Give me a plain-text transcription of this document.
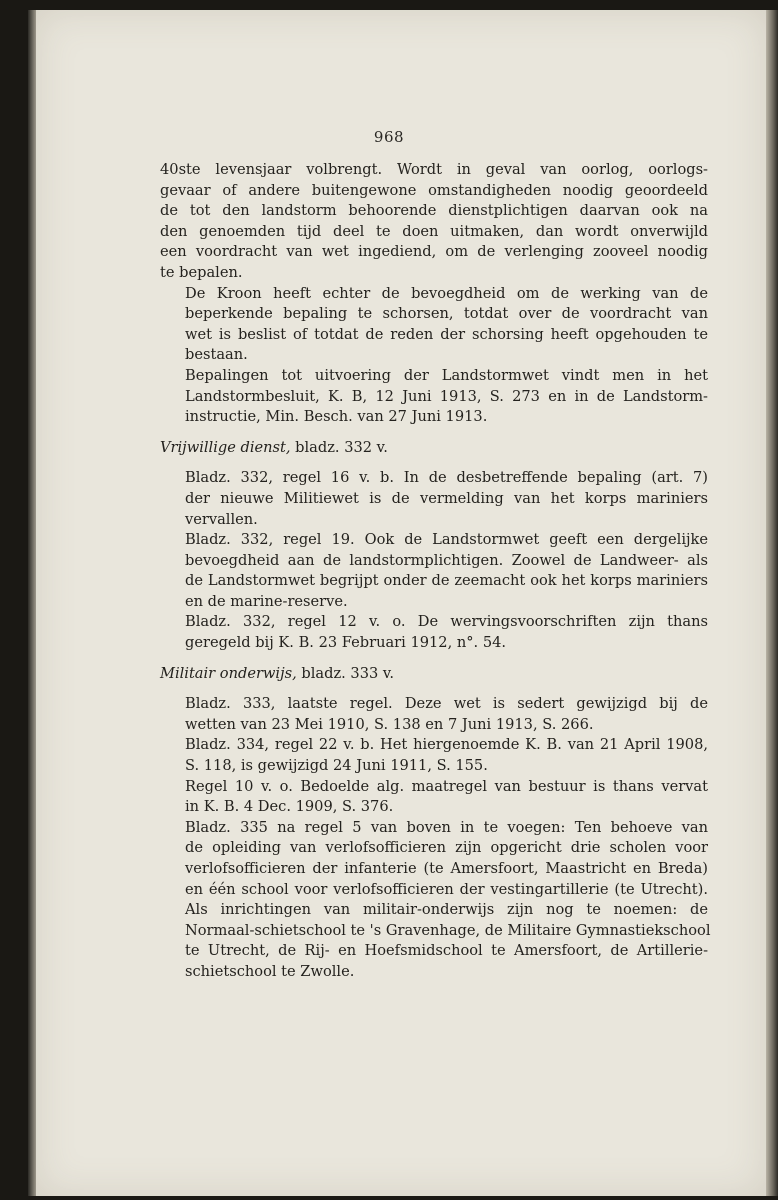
968

40ste levensjaar volbrengt. Wordt in geval van oorlog, oorlogs-
gevaar of andere buitengewone omstandigheden noodig geoordeeld
de tot den landstorm behoorende dienstplichtigen daarvan ook na
den genoemden tijd deel te doen uitmaken, dan wordt onverwijld
een voordracht van wet ingediend, om de verlenging zooveel noodig
te bepalen.

De Kroon heeft echter de bevoegdheid om de werking van de
beperkende bepaling te schorsen, totdat over de voordracht van
wet is beslist of totdat de reden der schorsing heeft opgehouden te
bestaan.

Bepalingen tot uitvoering der Landstormwet vindt men in het
Landstormbesluit, K. B, 12 Juni 1913, S. 273 en in de Landstorm-
instructie, Min. Besch. van 27 Juni 1913.

Vrijwillige dienst, bladz. 332 v.

Bladz. 332, regel 16 v. b. In de desbetreffende bepaling (art. 7)
der nieuwe Militiewet is de vermelding van het korps mariniers
vervallen.

Bladz. 332, regel 19. Ook de Landstormwet geeft een dergelijke
bevoegdheid aan de landstormplichtigen. Zoowel de Landweer- als
de Landstormwet begrijpt onder de zeemacht ook het korps mariniers
en de marine-reserve.

Bladz. 332, regel 12 v. o. De wervingsvoorschriften zijn thans
geregeld bij K. B. 23 Februari 1912, n°. 54.

Militair onderwijs, bladz. 333 v.

Bladz. 333, laatste regel. Deze wet is sedert gewijzigd bij de
wetten van 23 Mei 1910, S. 138 en 7 Juni 1913, S. 266.

Bladz. 334, regel 22 v. b. Het hiergenoemde K. B. van 21 April 1908,
S. 118, is gewijzigd 24 Juni 1911, S. 155.

Regel 10 v. o. Bedoelde alg. maatregel van bestuur is thans vervat
in K. B. 4 Dec. 1909, S. 376.

Bladz. 335 na regel 5 van boven in te voegen: Ten behoeve van
de opleiding van verlofsofficieren zijn opgericht drie scholen voor
verlofsofficieren der infanterie (te Amersfoort, Maastricht en Breda)
en één school voor verlofsofficieren der vestingartillerie (te Utrecht).
Als inrichtingen van militair-onderwijs zijn nog te noemen: de
Normaal-schietschool te 's Gravenhage, de Militaire Gymnastiekschool
te Utrecht, de Rij- en Hoefsmidschool te Amersfoort, de Artillerie-
schietschool te Zwolle.
